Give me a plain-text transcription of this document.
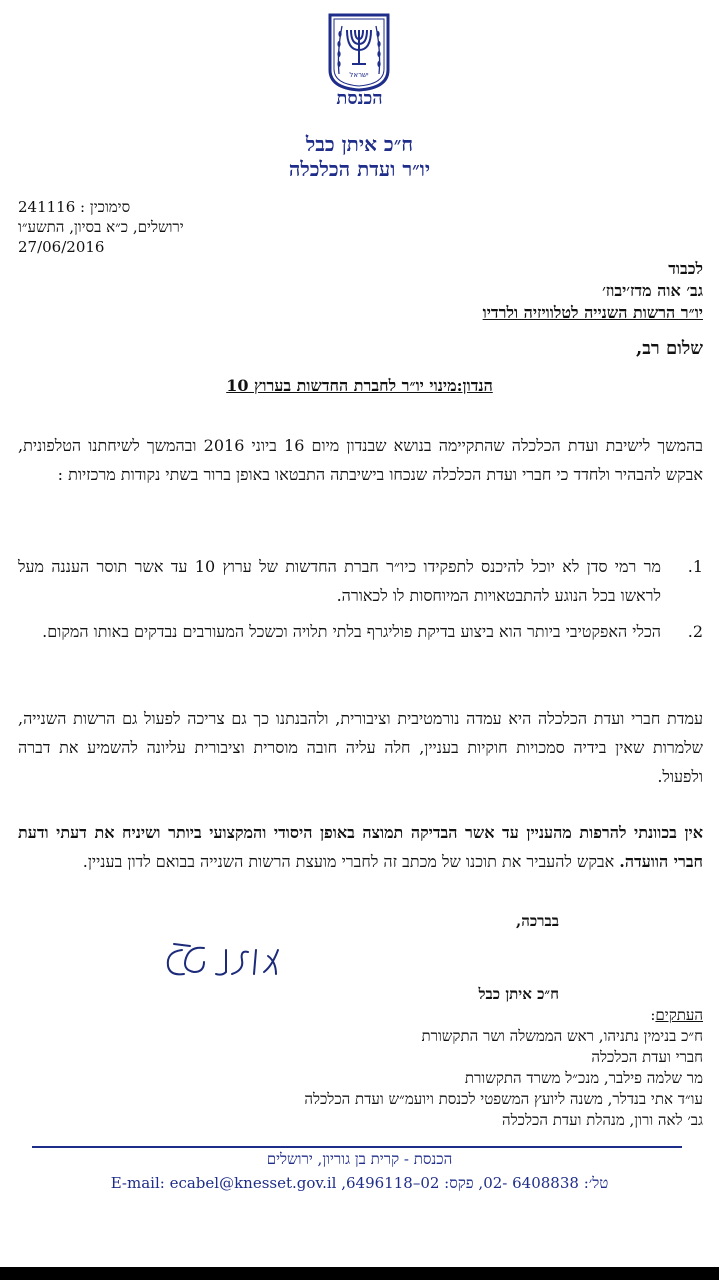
ישראל
הכנסת
ח״כ איתן כבל
יו״ר ועדת הכלכלה
סימוכין : 241116
ירושלים, כ״א בסיון, התשע״ו
27/06/2016
לכבוד
גב׳ אוה מדז׳יבוז׳
יו״ר הרשות השנייה לטלוויזיה ולרדיו
שלום רב,
הנדון:מינוי יו״ר לחברת החדשות בערוץ 10
בהמשך לישיבת ועדת הכלכלה שהתקיימה בנושא שבנדון מיום 16 ביוני 2016 ובהמשך לשיחתנו הטלפונית, אבקש להבהיר ולחדד כי חברי ועדת הכלכלה שנכחו בישיבתה התבטאו באופן ברור בשתי נקודות מרכזיות :
1.
מר רמי סדן לא יוכל להיכנס לתפקידו כיו״ר חברת החדשות של ערוץ 10 עד אשר תוסר העננה מעל לראשו בכל הנוגע להתבטאויות המיוחסות לו לכאורה.
2.
הכלי האפקטיבי ביותר הוא ביצוע בדיקת פוליגרף בלתי תלויה וכשכל המעורבים נבדקים באותו המקום.
עמדת חברי ועדת הכלכלה היא עמדה נורמטיבית וציבורית, ולהבנתנו כך גם צריכה לפעול גם הרשות השנייה, שלמרות שאין בידיה סמכויות חוקיות בעניין, חלה עליה חובה מוסרית וציבורית עליונה להשמיע את דברה ולפעול.
אין בכוונתי להרפות מהעניין עד אשר הבדיקה תמוצה באופן היסודי והמקצועי ביותר ושיניח את דעתי ודעת חברי הוועדה. אבקש להעביר את תוכנו של מכתב זה לחברי מועצת הרשות השנייה בבואם לדון בעניין.
בברכה,
ח״כ איתן כבל
העתקים:
ח״כ בנימין נתניהו, ראש הממשלה ושר התקשורת
חברי ועדת הכלכלה
מר שלמה פילבר, מנכ״ל משרד התקשורת
עו״ד אתי בנדלר, משנה ליועץ המשפטי לכנסת ויועמ״ש ועדת הכלכלה
גב׳ לאה ורון, מנהלת ועדת הכלכלה
הכנסת - קרית בן גוריון, ירושלים
טל׳: 6408838 -02, פקס: 02–6496118, E-mail: ecabel@knesset.gov.il
